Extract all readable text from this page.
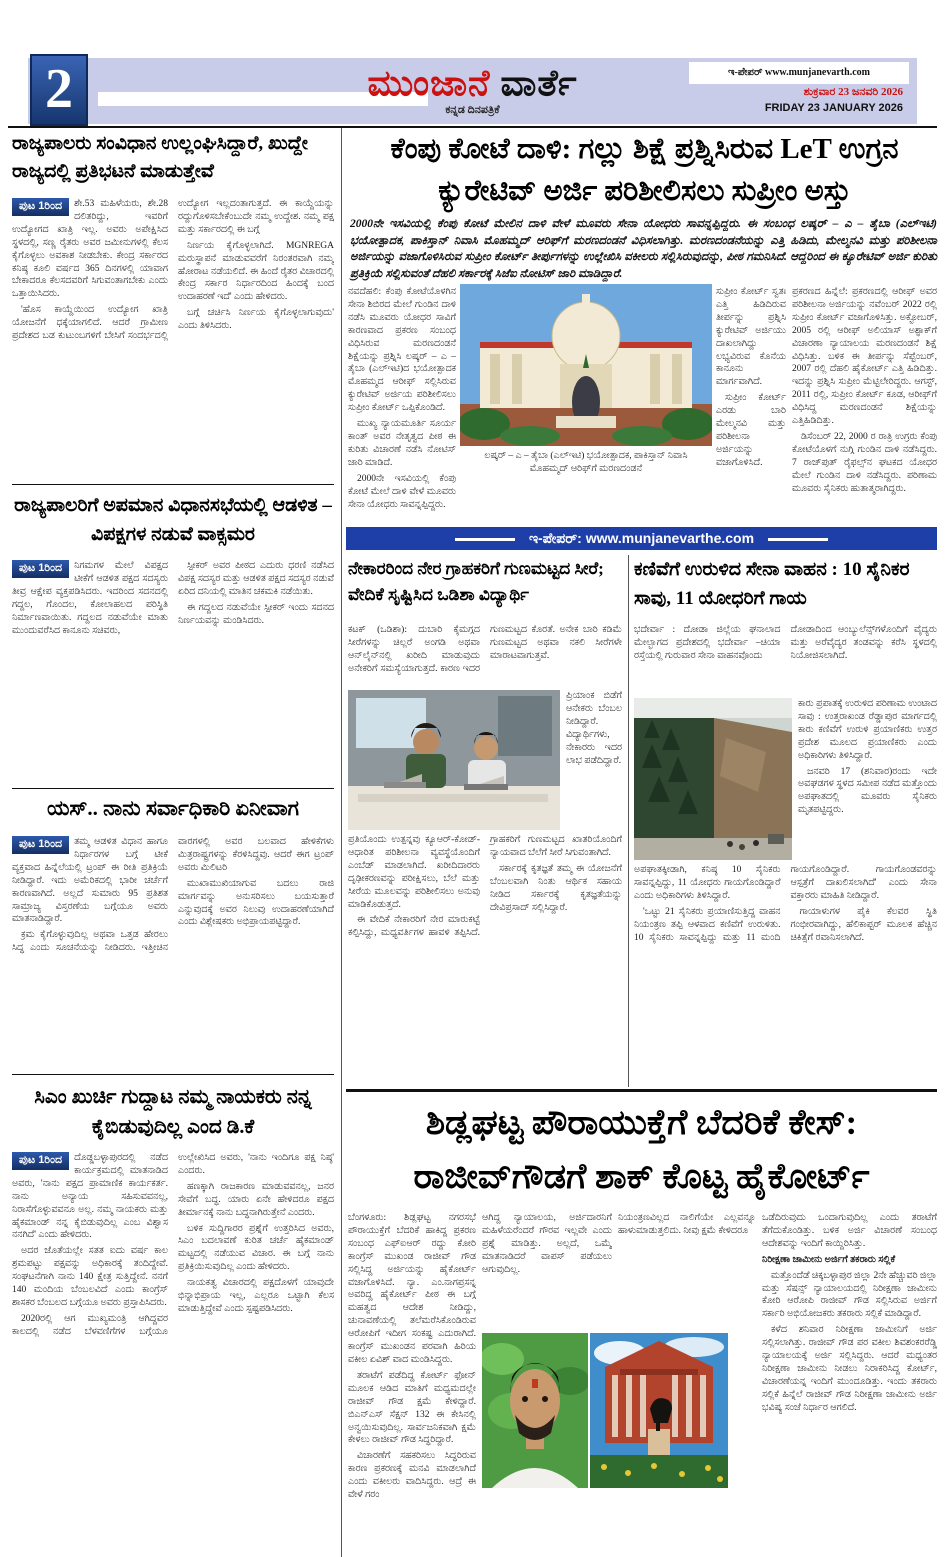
2	ಮುಂಜಾನೆ ವಾರ್ತೆ
ಕನ್ನಡ ದಿನಪತ್ರಿಕೆ
ಇ-ಪೇಪರ್ www.munjanevarth.com
ಶುಕ್ರವಾರ 23 ಜನವರಿ 2026
FRIDAY 23 JANUARY 2026
ರಾಜ್ಯಪಾಲರು ಸಂವಿಧಾನ ಉಲ್ಲಂಘಿಸಿದ್ದಾರೆ, ಖುದ್ದೇ ರಾಜ್ಯದಲ್ಲಿ ಪ್ರತಿಭಟನೆ ಮಾಡುತ್ತೇವೆ

ಪುಟ 1ರಿಂದ	ಶೇ.53 ಮಹಿಳೆಯರು, ಶೇ.28 ದಲಿತರಿದ್ದು, ಇವರಿಗೆ ಉದ್ಯೋಗದ ಖಾತ್ರಿ ಇಲ್ಲ. ಅವರು ಅಪೇಕ್ಷಿಸಿದ ಸ್ಥಳದಲ್ಲಿ, ಸಣ್ಣ ರೈತರು ಅವರ ಜಮೀನುಗಳಲ್ಲಿ ಕೆಲಸ ಕೈಗೊಳ್ಳಲು ಅವಕಾಶ ನೀಡಬೇಕು. ಕೇಂದ್ರ ಸರ್ಕಾರದ ಕನಿಷ್ಠ ಕೂಲಿ ವರ್ಷದ 365 ದಿನಗಳಲ್ಲಿ ಯಾವಾಗ ಬೇಕಾದರೂ ಕೆಲಸದವರಿಗೆ ಸಿಗುವಂತಾಗಬೇಕು ಎಂದು ಒತ್ತಾಯಿಸಿದರು.

'ಹೊಸ ಕಾಯ್ದೆಯಿಂದ ಉದ್ಯೋಗ ಖಾತ್ರಿ ಯೋಜನೆಗೆ ಧಕ್ಕೆಯಾಗಲಿದೆ. ಆದರೆ ಗ್ರಾಮೀಣ ಪ್ರದೇಶದ ಬಡ ಕುಟುಂಬಗಳಿಗೆ ಬೇಸಿಗೆ ಸಂದರ್ಭದಲ್ಲಿ ಉದ್ಯೋಗ ಇಲ್ಲದಂತಾಗುತ್ತದೆ. ಈ ಕಾಯ್ದೆಯನ್ನು ರದ್ದುಗೊಳಿಸಬೇಕೆಂಬುದೇ ನಮ್ಮ ಉದ್ದೇಶ. ನಮ್ಮ ಪಕ್ಷ ಮತ್ತು ಸರ್ಕಾರದಲ್ಲಿ ಈ ಬಗ್ಗೆ

ನಿರ್ಣಯ ಕೈಗೊಳ್ಳಲಾಗಿದೆ. MGNREGA ಮರುಸ್ಥಾಪನೆ ಮಾಡುವವರೆಗೆ ನಿರಂತರವಾಗಿ ನಮ್ಮ ಹೋರಾಟ ನಡೆಯಲಿದೆ. ಈ ಹಿಂದೆ ರೈತರ ವಿಚಾರದಲ್ಲಿ ಕೇಂದ್ರ ಸರ್ಕಾರ ನಿರ್ಧಾರದಿಂದ ಹಿಂದಕ್ಕೆ ಬಂದ ಉದಾಹರಣೆ ಇದೆ' ಎಂದು ಹೇಳಿದರು.

ಬಗ್ಗೆ ಚರ್ಚಿಸಿ ನಿರ್ಣಯ ಕೈಗೊಳ್ಳಲಾಗುವುದು' ಎಂದು ತಿಳಿಸಿದರು.

ರಾಜ್ಯಪಾಲರಿಗೆ ಅಪಮಾನ ವಿಧಾನಸಭೆಯಲ್ಲಿ ಆಡಳಿತ – ವಿಪಕ್ಷಗಳ ನಡುವೆ ವಾಕ್ಸಮರ

ಪುಟ 1ರಿಂದ	ನಿಗಮಗಳ ಮೇಲೆ ವಿಪಕ್ಷದ ಟೀಕೆಗೆ ಆಡಳಿತ ಪಕ್ಷದ ಸದಸ್ಯರು ತೀವ್ರ ಆಕ್ಷೇಪ ವ್ಯಕ್ತಪಡಿಸಿದರು. ಇದರಿಂದ ಸದನದಲ್ಲಿ ಗದ್ದಲ, ಗೊಂದಲ, ಕೋಲಾಹಲದ ಪರಿಸ್ಥಿತಿ ನಿರ್ಮಾಣವಾಯಿತು. ಗದ್ದಲದ ನಡುವೆಯೇ ಮಾತು ಮುಂದುವರೆಸಿದ ಕಾನೂನು ಸಚಿವರು,

ಸ್ಪೀಕರ್ ಅವರ ಪೀಠದ ಎದುರು ಧರಣಿ ನಡೆಸಿದ ವಿಪಕ್ಷ ಸದಸ್ಯರ ಮತ್ತು ಆಡಳಿತ ಪಕ್ಷದ ಸದಸ್ಯರ ನಡುವೆ ಏರಿದ ದನಿಯಲ್ಲಿ ಮಾತಿನ ಚಕಮಕಿ ನಡೆಯಿತು.

ಈ ಗದ್ದಲದ ನಡುವೆಯೇ ಸ್ಪೀಕರ್ ಇಂದು ಸದನದ ನಿರ್ಣಯವನ್ನು ಮಂಡಿಸಿದರು.

ಯಸ್.. ನಾನು ಸರ್ವಾಧಿಕಾರಿ ಏನೀವಾಗ

ಪುಟ 1ರಿಂದ	ತಮ್ಮ ಆಡಳಿತ ವಿಧಾನ ಹಾಗೂ ನಿರ್ಧಾರಗಳ ಬಗ್ಗೆ ಟೀಕೆ ವ್ಯಕ್ತವಾದ ಹಿನ್ನೆಲೆಯಲ್ಲಿ ಟ್ರಂಪ್ ಈ ರೀತಿ ಪ್ರತಿಕ್ರಿಯೆ ನೀಡಿದ್ದಾರೆ. ಇದು ಅಮೆರಿಕದಲ್ಲಿ ಭಾರೀ ಚರ್ಚೆಗೆ ಕಾರಣವಾಗಿದೆ. ಅಲ್ಲದೆ ಸುಮಾರು 95 ಪ್ರತಿಶತ ಸಾಮ್ರಾಜ್ಯ ವಿಸ್ತರಣೆಯ ಬಗ್ಗೆಯೂ ಅವರು ಮಾತನಾಡಿದ್ದಾರೆ.

ಕ್ರಮ ಕೈಗೊಳ್ಳುವುದಿಲ್ಲ ಅಥವಾ ಒತ್ತಡ ಹೇರಲು ಸಿದ್ಧ ಎಂದು ಸೂಚನೆಯನ್ನು ನೀಡಿದರು. ಇತ್ತೀಚಿನ ವಾರಗಳಲ್ಲಿ ಅವರ ಬಲವಾದ ಹೇಳಿಕೆಗಳು ಮಿತ್ರರಾಷ್ಟ್ರಗಳನ್ನು ಕೆರಳಿಸಿದ್ದವು. ಆದರೆ ಈಗ ಟ್ರಂಪ್ ಅವರು ಮಿಲಿಟರಿ

ಮುಖಾಮುಖಿಯಾಗುವ ಬದಲು ರಾಜಿ ಮಾರ್ಗವನ್ನು ಅನುಸರಿಸಲು ಬಯಸುತ್ತಾರೆ ಎನ್ನುವುದಕ್ಕೆ ಅವರ ನಿಲುವು ಉದಾಹರಣೆಯಾಗಿದೆ ಎಂದು ವಿಶ್ಲೇಷಕರು ಅಭಿಪ್ರಾಯಪಟ್ಟಿದ್ದಾರೆ.

ಸಿಎಂ ಖುರ್ಚಿ ಗುದ್ದಾಟ ನಮ್ಮ ನಾಯಕರು ನನ್ನ ಕೈಬಿಡುವುದಿಲ್ಲ ಎಂದ ಡಿ.ಕೆ

ಪುಟ 1ರಿಂದ	ದೊಡ್ಡಬಳ್ಳಾಪುರದಲ್ಲಿ ನಡೆದ ಕಾರ್ಯಕ್ರಮದಲ್ಲಿ ಮಾತನಾಡಿದ ಅವರು, 'ನಾನು ಪಕ್ಷದ ಪ್ರಾಮಾಣಿಕ ಕಾರ್ಯಕರ್ತ. ನಾನು ಅನ್ಯಾಯ ಸಹಿಸುವವನಲ್ಲ, ನಿರಾಸೆಗೊಳ್ಳುವವನೂ ಅಲ್ಲ. ನಮ್ಮ ನಾಯಕರು ಮತ್ತು ಹೈಕಮಾಂಡ್ ನನ್ನ ಕೈಬಿಡುವುದಿಲ್ಲ ಎಂಬ ವಿಶ್ವಾಸ ನನಗಿದೆ' ಎಂದು ಹೇಳಿದರು.

ಅದರ ಜೊತೆಯಲ್ಲೇ ಸತತ ಐದು ವರ್ಷ ಕಾಲ ಶ್ರಮಪಟ್ಟು ಪಕ್ಷವನ್ನು ಅಧಿಕಾರಕ್ಕೆ ತಂದಿದ್ದೇವೆ. ಸಂಘಟನೆಗಾಗಿ ನಾನು 140 ಕ್ಷೇತ್ರ ಸುತ್ತಿದ್ದೇನೆ. ನನಗೆ 140 ಮಂದಿಯ ಬೆಂಬಲವಿದೆ ಎಂದು ಕಾಂಗ್ರೆಸ್ ಶಾಸಕರ ಬೆಂಬಲದ ಬಗ್ಗೆಯೂ ಅವರು ಪ್ರಸ್ತಾಪಿಸಿದರು.

2020ರಲ್ಲಿ ಆಗ ಮುಖ್ಯಮಂತ್ರಿ ಆಗಿದ್ದವರ ಕಾಲದಲ್ಲಿ ನಡೆದ ಬೆಳವಣಿಗೆಗಳ ಬಗ್ಗೆಯೂ ಉಲ್ಲೇಖಿಸಿದ ಅವರು, 'ನಾನು ಇಂದಿಗೂ ಪಕ್ಷ ನಿಷ್ಠ' ಎಂದರು.

ಹಣಕ್ಕಾಗಿ ರಾಜಕಾರಣ ಮಾಡುವವನಲ್ಲ, ಜನರ ಸೇವೆಗೆ ಬದ್ಧ. ಯಾರು ಏನೇ ಹೇಳಿದರೂ ಪಕ್ಷದ ತೀರ್ಮಾನಕ್ಕೆ ನಾನು ಬದ್ಧನಾಗಿರುತ್ತೇನೆ ಎಂದರು.

ಬಳಿಕ ಸುದ್ದಿಗಾರರ ಪ್ರಶ್ನೆಗೆ ಉತ್ತರಿಸಿದ ಅವರು, ಸಿಎಂ ಬದಲಾವಣೆ ಕುರಿತ ಚರ್ಚೆ ಹೈಕಮಾಂಡ್ ಮಟ್ಟದಲ್ಲಿ ನಡೆಯುವ ವಿಚಾರ. ಈ ಬಗ್ಗೆ ನಾನು ಪ್ರತಿಕ್ರಿಯಿಸುವುದಿಲ್ಲ ಎಂದು ಹೇಳಿದರು.

ನಾಯಕತ್ವ ವಿಚಾರದಲ್ಲಿ ಪಕ್ಷದೊಳಗೆ ಯಾವುದೇ ಭಿನ್ನಾಭಿಪ್ರಾಯ ಇಲ್ಲ, ಎಲ್ಲರೂ ಒಟ್ಟಾಗಿ ಕೆಲಸ ಮಾಡುತ್ತಿದ್ದೇವೆ ಎಂದು ಸ್ಪಷ್ಟಪಡಿಸಿದರು.

ಕೆಂಪು ಕೋಟೆ ದಾಳಿ: ಗಲ್ಲು ಶಿಕ್ಷೆ ಪ್ರಶ್ನಿಸಿರುವ LeT ಉಗ್ರನ ಕ್ಯುರೇಟಿವ್ ಅರ್ಜಿ ಪರಿಶೀಲಿಸಲು ಸುಪ್ರೀಂ ಅಸ್ತು
2000ನೇ ಇಸವಿಯಲ್ಲಿ ಕೆಂಪು ಕೋಟೆ ಮೇಲಿನ ದಾಳಿ ವೇಳೆ ಮೂವರು ಸೇನಾ ಯೋಧರು ಸಾವನ್ನಪ್ಪಿದ್ದರು. ಈ ಸಂಬಂಧ ಲಷ್ಕರ್ – ಎ – ತೈಬಾ (ಎಲ್‌ಇಟಿ) ಭಯೋತ್ಪಾದಕ, ಪಾಕಿಸ್ತಾನ್ ನಿವಾಸಿ ಮೊಹಮ್ಮದ್ ಆರಿಫ್‌ಗೆ ಮರಣದಂಡನೆ ವಿಧಿಸಲಾಗಿತ್ತು. ಮರಣದಂಡನೆಯನ್ನು ಎತ್ತಿ ಹಿಡಿದು, ಮೇಲ್ಮನವಿ ಮತ್ತು ಪರಿಶೀಲನಾ ಅರ್ಜಿಯನ್ನು ವಜಾಗೊಳಿಸಿರುವ ಸುಪ್ರೀಂ ಕೋರ್ಟ್ ತೀರ್ಪುಗಳನ್ನು ಉಲ್ಲೇಖಿಸಿ ವಕೀಲರು ಸಲ್ಲಿಸಿರುವುದನ್ನು, ಪೀಠ ಗಮನಿಸಿದೆ. ಆದ್ದರಿಂದ ಈ ಕ್ಯೂರೇಟಿವ್ ಅರ್ಜಿ ಕುರಿತು ಪ್ರತಿಕ್ರಿಯೆ ಸಲ್ಲಿಸುವಂತೆ ದೆಹಲಿ ಸರ್ಕಾರಕ್ಕೆ ಸಿಜೆಐ ನೋಟಿಸ್ ಜಾರಿ ಮಾಡಿದ್ದಾರೆ.

ನವದೆಹಲಿ: ಕೆಂಪು ಕೋಟೆಯೊಳಗಿನ ಸೇನಾ ಶಿಬಿರದ ಮೇಲೆ ಗುಂಡಿನ ದಾಳಿ ನಡೆಸಿ ಮೂವರು ಯೋಧರ ಸಾವಿಗೆ ಕಾರಣವಾದ ಪ್ರಕರಣ ಸಂಬಂಧ ವಿಧಿಸಿರುವ ಮರಣದಂಡನೆ ಶಿಕ್ಷೆಯನ್ನು ಪ್ರಶ್ನಿಸಿ ಲಷ್ಕರ್ – ಎ – ತೈಬಾ (ಎಲ್‌ಇಟಿ)ದ ಭಯೋತ್ಪಾದಕ ಮೊಹಮ್ಮದ ಆರೀಫ್ ಸಲ್ಲಿಸಿರುವ ಕ್ಯುರೇಟಿವ್ ಅರ್ಜಿಯ ಪರಿಶೀಲಿಸಲು ಸುಪ್ರೀಂ ಕೋರ್ಟ್ ಒಪ್ಪಿಕೊಂಡಿದೆ.

ಮುಖ್ಯ ನ್ಯಾಯಮೂರ್ತಿ ಸೂರ್ಯ ಕಾಂತ್ ಅವರ ನೇತೃತ್ವದ ಪೀಠ ಈ ಕುರಿತು ವಿಚಾರಣೆ ನಡೆಸಿ ನೋಟಿಸ್ ಜಾರಿ ಮಾಡಿದೆ.

2000ನೇ ಇಸವಿಯಲ್ಲಿ ಕೆಂಪು ಕೋಟೆ ಮೇಲೆ ದಾಳಿ ವೇಳೆ ಮೂವರು ಸೇನಾ ಯೋಧರು ಸಾವನ್ನಪ್ಪಿದ್ದರು.

ಲಷ್ಕರ್ – ಎ – ತೈಬಾ (ಎಲ್‌ಇಟಿ) ಭಯೋತ್ಪಾದಕ, ಪಾಕಿಸ್ತಾನ್ ನಿವಾಸಿ ಮೊಹಮ್ಮದ್ ಆರಿಫ್‌ಗೆ ಮರಣದಂಡನೆ

ಸುಪ್ರೀಂ ಕೋರ್ಟ್ ಸ್ವತಃ ಎತ್ತಿ ಹಿಡಿದಿರುವ ತೀರ್ಪನ್ನು ಪ್ರಶ್ನಿಸಿ ಕ್ಯುರೇಟಿವ್ ಅರ್ಜಿಯು ದಾಖಲಾಗಿದ್ದು ಲಭ್ಯವಿರುವ ಕೊನೆಯ ಕಾನೂನು ಮಾರ್ಗವಾಗಿದೆ.

ಸುಪ್ರೀಂ ಕೋರ್ಟ್ ಎರಡು ಬಾರಿ ಮೇಲ್ಮನವಿ ಮತ್ತು ಪರಿಶೀಲನಾ ಅರ್ಜಿಯನ್ನು ವಜಾಗೊಳಿಸಿದೆ.

ಪ್ರಕರಣದ ಹಿನ್ನೆಲೆ: ಪ್ರಕರಣದಲ್ಲಿ ಆರೀಫ್ ಅವರ ಪರಿಶೀಲನಾ ಅರ್ಜಿಯನ್ನು ನವೆಂಬರ್ 2022 ರಲ್ಲಿ ಸುಪ್ರೀಂ ಕೋರ್ಟ್ ವಜಾಗೊಳಿಸಿತ್ತು. ಅಕ್ಟೋಬರ್, 2005 ರಲ್ಲಿ ಆರೀಫ್ ಅಲಿಯಾಸ್ ಅಶ್ಫಾಕ್‌ಗೆ ವಿಚಾರಣಾ ನ್ಯಾಯಾಲಯ ಮರಣದಂಡನೆ ಶಿಕ್ಷೆ ವಿಧಿಸಿತ್ತು. ಬಳಿಕ ಈ ತೀರ್ಪನ್ನು ಸೆಪ್ಟೆಂಬರ್, 2007 ರಲ್ಲಿ ದೆಹಲಿ ಹೈಕೋರ್ಟ್ ಎತ್ತಿ ಹಿಡಿದಿತ್ತು. ಇದನ್ನು ಪ್ರಶ್ನಿಸಿ ಸುಪ್ರೀಂ ಮೆಟ್ಟಿಲೇರಿದ್ದರು. ಆಗಸ್ಟ್, 2011 ರಲ್ಲಿ, ಸುಪ್ರೀಂ ಕೋರ್ಟ್ ಕೂಡ, ಆರೀಫ್‌ಗೆ ವಿಧಿಸಿದ್ದ ಮರಣದಂಡನೆ ಶಿಕ್ಷೆಯನ್ನು ಎತ್ತಿಹಿಡಿದಿತ್ತು.

ಡಿಸೆಂಬರ್ 22, 2000 ರ ರಾತ್ರಿ ಉಗ್ರರು ಕೆಂಪು ಕೋಟೆಯೊಳಗೆ ನುಗ್ಗಿ ಗುಂಡಿನ ದಾಳಿ ನಡೆಸಿದ್ದರು. 7 ರಾಜ್‌ಪುತ್ ರೈಫಲ್ಸ್‌ನ ಘಟಕದ ಯೋಧರ ಮೇಲೆ ಗುಂಡಿನ ದಾಳಿ ನಡೆಸಿದ್ದರು. ಪರಿಣಾಮ ಮೂವರು ಸೈನಿಕರು ಹುತಾತ್ಮರಾಗಿದ್ದರು.

ಇ-ಪೇಪರ್: www.munjanevarthe.com
ನೇಕಾರರಿಂದ ನೇರ ಗ್ರಾಹಕರಿಗೆ ಗುಣಮಟ್ಟದ ಸೀರೆ; ವೇದಿಕೆ ಸೃಷ್ಟಿಸಿದ ಒಡಿಶಾ ವಿದ್ಯಾರ್ಥಿ

ಕಟಕ್ (ಒಡಿಶಾ): ದುಬಾರಿ ಕೈಮಗ್ಗದ ಸೀರೆಗಳನ್ನು ಚಿಲ್ಲರೆ ಅಂಗಡಿ ಅಥವಾ ಆನ್‌ಲೈನ್‌ನಲ್ಲಿ ಖರೀದಿ ಮಾಡುವುದು ಅನೇಕರಿಗೆ ಸಮಸ್ಯೆಯಾಗುತ್ತದೆ. ಕಾರಣ ಇದರ ಗುಣಮಟ್ಟದ ಕೊರತೆ. ಅನೇಕ ಬಾರಿ ಕಡಿಮೆ ಗುಣಮಟ್ಟದ ಅಥವಾ ನಕಲಿ ಸೀರೆಗಳೇ ಮಾರಾಟವಾಗುತ್ತವೆ.

ಪ್ರಿಯಾಂಕ ಬಿಡೆಗೆ ಆನೇಕರು ಬೆಂಬಲ ನೀಡಿದ್ದಾರೆ. ವಿದ್ಯಾರ್ಥಿಗಳು, ನೇಕಾರರು ಇದರ ಲಾಭ ಪಡೆದಿದ್ದಾರೆ.

ಪ್ರತಿಯೊಂದು ಉತ್ಪನ್ನವು ಕ್ಯೂಆರ್-ಕೋಡ್-ಆಧಾರಿತ ಪರಿಶೀಲನಾ ವ್ಯವಸ್ಥೆಯೊಂದಿಗೆ ಎಂಬೆಡ್ ಮಾಡಲಾಗಿದೆ. ಖರೀದಿದಾರರು ದೃಢೀಕರಣವನ್ನು ಪರೀಕ್ಷಿಸಲು, ಬೆಲೆ ಮತ್ತು ಸೀರೆಯ ಮೂಲವನ್ನು ಪರಿಶೀಲಿಸಲು ಅನುವು ಮಾಡಿಕೊಡುತ್ತದೆ.

ಈ ವೇದಿಕೆ ನೇಕಾರರಿಗೆ ನೇರ ಮಾರುಕಟ್ಟೆ ಕಲ್ಪಿಸಿದ್ದು, ಮಧ್ಯವರ್ತಿಗಳ ಹಾವಳಿ ತಪ್ಪಿಸಿದೆ. ಗ್ರಾಹಕರಿಗೆ ಗುಣಮಟ್ಟದ ಖಾತರಿಯೊಂದಿಗೆ ನ್ಯಾಯವಾದ ಬೆಲೆಗೆ ಸೀರೆ ಸಿಗುವಂತಾಗಿದೆ.

ಸರ್ಕಾರಕ್ಕೆ ಕೃತಜ್ಞತೆ ತಮ್ಮ ಈ ಯೋಜನೆಗೆ ಬೆಂಬಲವಾಗಿ ನಿಂತು ಆರ್ಥಿಕ ಸಹಾಯ ನೀಡಿದ ಸರ್ಕಾರಕ್ಕೆ ಕೃತಜ್ಞತೆಯನ್ನು ದೇವಿಪ್ರಸಾದ್ ಸಲ್ಲಿಸಿದ್ದಾರೆ.

ಕಣಿವೆಗೆ ಉರುಳಿದ ಸೇನಾ ವಾಹನ : 10 ಸೈನಿಕರ ಸಾವು, 11 ಯೋಧರಿಗೆ ಗಾಯ

ಭದೇರ್ವಾ : ದೋಡಾ ಜಿಲ್ಲೆಯ ಘನಾಲಾದ ಮೇಲ್ಭಾಗದ ಪ್ರದೇಶದಲ್ಲಿ ಭದೇರ್ವಾ –ಚಿಯಾ ರಸ್ತೆಯಲ್ಲಿ ಗುರುವಾರ ಸೇನಾ ವಾಹನವೊಂದು

ದೋಡಾದಿಂದ ಆಂಬ್ಯುಲೆನ್ಸ್‌ಗಳೊಂದಿಗೆ ವೈದ್ಯರು ಮತ್ತು ಅರೆವೈದ್ಯರ ತಂಡವನ್ನು ಕರೆಸಿ ಸ್ಥಳದಲ್ಲಿ ನಿಯೋಜಿಸಲಾಗಿದೆ.

ಕಾರು ಪ್ರಪಾತಕ್ಕೆ ಉರುಳಿದ ಪರಿಣಾಮ ಉಂಟಾದ ಸಾವು : ಉತ್ತರಾಖಂಡ ರೆಡ್ಡಾಪುರ ಮಾರ್ಗದಲ್ಲಿ ಕಾರು ಕಣಿವೆಗೆ ಉರುಳಿ ಪ್ರಯಾಣಿಕರು ಉತ್ತರ ಪ್ರದೇಶ ಮೂಲದ ಪ್ರಯಾಣಿಕರು ಎಂದು ಅಧಿಕಾರಿಗಳು ತಿಳಿಸಿದ್ದಾರೆ.

ಜನವರಿ 17 (ಶನಿವಾರ)ರಂದು ಇದೇ ಅವಘಡಗಳ ಸ್ಥಳದ ಸಮೀಪ ನಡೆದ ಮತ್ತೊಂದು ಅಪಘಾತದಲ್ಲಿ ಮೂವರು ಸೈನಿಕರು ಮೃತಪಟ್ಟಿದ್ದರು.

ಅಪಘಾತಕ್ಕೀಡಾಗಿ, ಕನಿಷ್ಠ 10 ಸೈನಿಕರು ಸಾವನ್ನಪ್ಪಿದ್ದು, 11 ಯೋಧರು ಗಾಯಗೊಂಡಿದ್ದಾರೆ ಎಂದು ಅಧಿಕಾರಿಗಳು ತಿಳಿಸಿದ್ದಾರೆ.

'ಒಟ್ಟು 21 ಸೈನಿಕರು ಪ್ರಯಾಣಿಸುತ್ತಿದ್ದ ವಾಹನ ನಿಯಂತ್ರಣ ತಪ್ಪಿ ಆಳವಾದ ಕಣಿವೆಗೆ ಉರುಳಿತು. 10 ಸೈನಿಕರು ಸಾವನ್ನಪ್ಪಿದ್ದು ಮತ್ತು 11 ಮಂದಿ ಗಾಯಗೊಂಡಿದ್ದಾರೆ. ಗಾಯಗೊಂಡವರನ್ನು ಆಸ್ಪತ್ರೆಗೆ ದಾಖಲಿಸಲಾಗಿದೆ' ಎಂದು ಸೇನಾ ವಕ್ತಾರರು ಮಾಹಿತಿ ನೀಡಿದ್ದಾರೆ.

ಗಾಯಾಳುಗಳ ಪೈಕಿ ಕೆಲವರ ಸ್ಥಿತಿ ಗಂಭೀರವಾಗಿದ್ದು, ಹೆಲಿಕಾಪ್ಟರ್ ಮೂಲಕ ಹೆಚ್ಚಿನ ಚಿಕಿತ್ಸೆಗೆ ರವಾನಿಸಲಾಗಿದೆ.

ಶಿಡ್ಲಘಟ್ಟ ಪೌರಾಯುಕ್ತೆಗೆ ಬೆದರಿಕೆ ಕೇಸ್:
ರಾಜೀವ್‌ಗೌಡಗೆ ಶಾಕ್ ಕೊಟ್ಟ ಹೈಕೋರ್ಟ್

ಬೆಂಗಳೂರು: ಶಿಡ್ಲಘಟ್ಟ ನಗರಸಭೆ ಪೌರಾಯುಕ್ತೆಗೆ ಬೆದರಿಕೆ ಹಾಕಿದ್ದ ಪ್ರಕರಣ ಸಂಬಂಧ ಎಫ್‌ಐಆರ್ ರದ್ದು ಕೋರಿ ಕಾಂಗ್ರೆಸ್ ಮುಖಂಡ ರಾಜೀವ್ ಗೌಡ ಸಲ್ಲಿಸಿದ್ದ ಅರ್ಜಿಯನ್ನು ಹೈಕೋರ್ಟ್ ವಜಾಗೊಳಿಸಿದೆ. ನ್ಯಾ. ಎಂ.ನಾಗಪ್ರಸನ್ನ ಅವರಿದ್ದ ಹೈಕೋರ್ಟ್ ಪೀಠ ಈ ಬಗ್ಗೆ ಮಹತ್ವದ ಆದೇಶ ನೀಡಿದ್ದು, ಚುನಾವಣೆಯಲ್ಲಿ ತಲೆಮರೆಸಿಕೊಂಡಿರುವ ಆರೋಪಿಗೆ ಇದೀಗ ಸಂಕಷ್ಟ ಎದುರಾಗಿದೆ. ಕಾಂಗ್ರೆಸ್ ಮುಖಂಡನ ಪರವಾಗಿ ಹಿರಿಯ ವಕೀಲ ಏವಿಶ್ ವಾದ ಮಂಡಿಸಿದ್ದರು.

ತರಾಟೆಗೆ ಪಡೆದಿದ್ದ ಕೋರ್ಟ್ ಫೋನ್ ಮೂಲಕ ಆಡಿದ ಮಾತಿಗೆ ಮಧ್ಯಮದಲ್ಲೇ ರಾಜೀವ್ ಗೌಡ ಕ್ಷಮೆ ಕೇಳಿದ್ದಾರೆ. ಬಿಎನ್‌ಎಸ್ ಸೆಕ್ಷನ್ 132 ಈ ಕೇಸಿನಲ್ಲಿ ಅನ್ವಯಿಸುವುದಿಲ್ಲ. ಸಾರ್ವಜನಿಕವಾಗಿ ಕ್ಷಮೆ ಕೇಳಲು ರಾಜೀವ್ ಗೌಡ ಸಿದ್ಧರಿದ್ದಾರೆ.

ವಿಚಾರಣೆಗೆ ಸಹಕರಿಸಲು ಸಿದ್ಧರಿರುವ ಕಾರಣ ಪ್ರಕರಣಕ್ಕೆ ಮನವಿ ಮಾಡಲಾಗಿದೆ ಎಂದು ವಕೀಲರು ವಾದಿಸಿದ್ದರು. ಆದ್ರೆ ಈ ವೇಳೆ ಗರಂ

ಆಗಿದ್ದ ನ್ಯಾಯಾಲಯ, ಅರ್ಜಿದಾರನಿಗೆ ಮಹಿಳೆಯರೆಂದರೆ ಗೌರವ ಇಲ್ಲವೇ ಎಂದು ಪ್ರಶ್ನೆ ಮಾಡಿತ್ತು. ಅಲ್ಲದೆ, ಒಮ್ಮೆ ಮಾತನಾಡಿದರೆ ವಾಪಸ್ ಪಡೆಯಲು ಆಗುವುದಿಲ್ಲ.

ನಿಯಂತ್ರಣವಿಲ್ಲದ ನಾಲಿಗೆಯೇ ಎಲ್ಲವನ್ನೂ ಹಾಳುಮಾಡುತ್ತಲಿದು. ನೀವು ಕ್ಷಮೆ ಕೇಳಿದರೂ

ಒಡೆದಿರುವುದು ಒಂದಾಗುವುದಿಲ್ಲ ಎಂದು ತರಾಟೆಗೆ ತೆಗೆದುಕೊಂಡಿತ್ತು. ಬಳಿಕ ಅರ್ಜಿ ವಿಚಾರಣೆ ಸಂಬಂಧ ಆದೇಶವನ್ನು ಇಂದಿಗೆ ಕಾಯ್ದಿರಿಸಿತ್ತು.

ನಿರೀಕ್ಷಣಾ ಜಾಮೀನು ಅರ್ಜಿಗೆ ತಕರಾರು ಸಲ್ಲಿಕೆ

ಮತ್ತೊಂದೆಡೆ ಚಿಕ್ಕಬಳ್ಳಾಪುರ ಜಿಲ್ಲಾ 2ನೇ ಹೆಚ್ಚುವರಿ ಜಿಲ್ಲಾ ಮತ್ತು ಸೆಷನ್ಸ್ ನ್ಯಾಯಾಲಯದಲ್ಲಿ ನಿರೀಕ್ಷಣಾ ಜಾಮೀನು ಕೋರಿ ಆರೋಪಿ ರಾಜೀವ್ ಗೌಡ ಸಲ್ಲಿಸಿರುವ ಅರ್ಜಿಗೆ ಸರ್ಕಾರಿ ಅಭಿಯೋಜಕರು ತಕರಾರು ಸಲ್ಲಿಕೆ ಮಾಡಿದ್ದಾರೆ.

ಕಳೆದ ಶನಿವಾರ ನಿರೀಕ್ಷಣಾ ಜಾಮೀನಿಗೆ ಅರ್ಜಿ ಸಲ್ಲಿಸಲಾಗಿತ್ತು. ರಾಜೀವ್ ಗೌಡ ಪರ ವಕೀಲ ಶಿವಶಂಕರರೆಡ್ಡಿ ನ್ಯಾಯಾಲಯಕ್ಕೆ ಅರ್ಜಿ ಸಲ್ಲಿಸಿದ್ದರು. ಆದರೆ ಮಧ್ಯಂತರ ನಿರೀಕ್ಷಣಾ ಜಾಮೀನು ನೀಡಲು ನಿರಾಕರಿಸಿದ್ದ ಕೋರ್ಟ್, ವಿಚಾರಣೆಯನ್ನ ಇಂದಿಗೆ ಮುಂದೂಡಿತ್ತು. ಇಂದು ತಕರಾರು ಸಲ್ಲಿಕೆ ಹಿನ್ನೆಲೆ ರಾಜೀವ್ ಗೌಡ ನಿರೀಕ್ಷಣಾ ಜಾಮೀನು ಅರ್ಜಿ ಭವಿಷ್ಯ ಸಂಜೆ ನಿರ್ಧಾರ ಆಗಲಿದೆ.
